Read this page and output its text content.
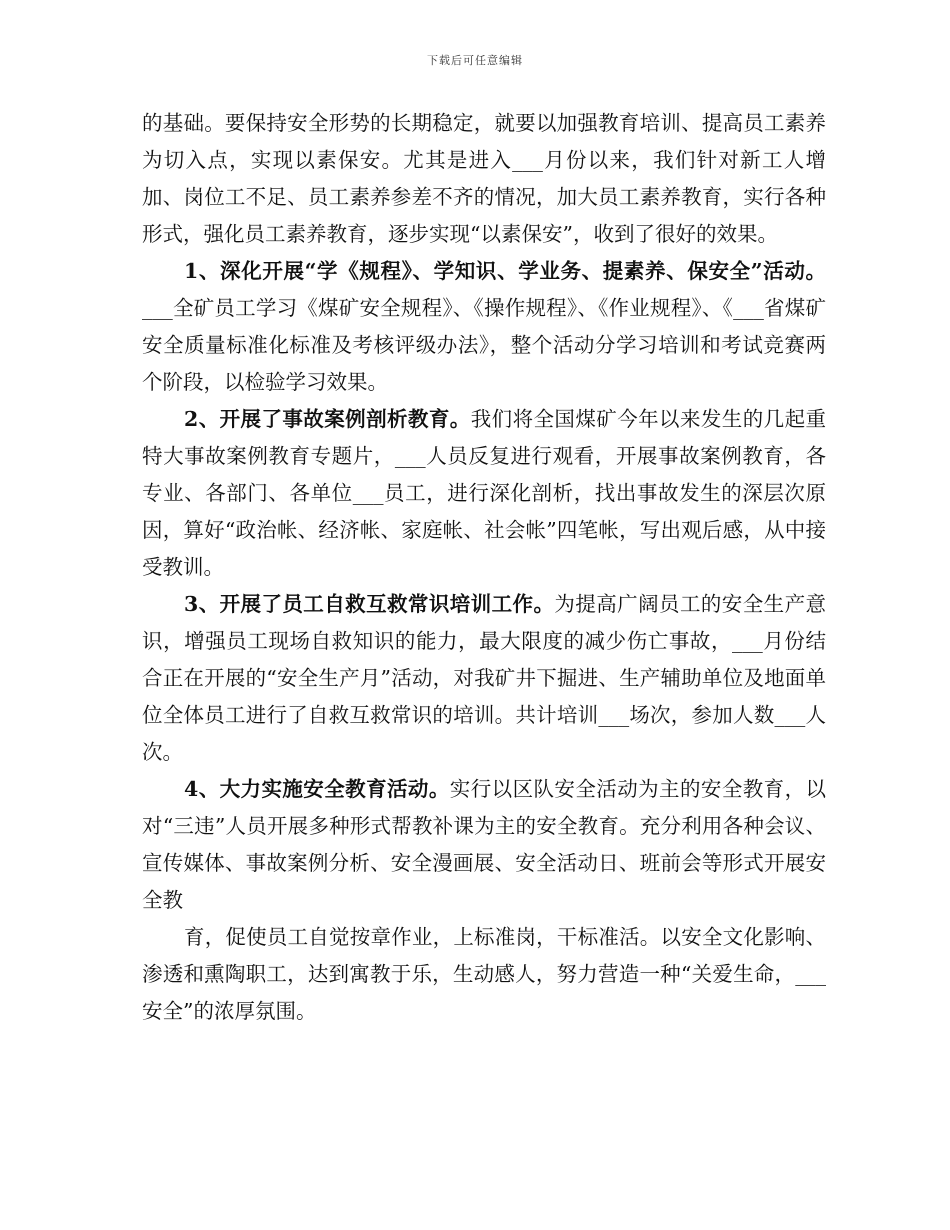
下载后可任意编辑

的基础。要保持安全形势的长期稳定，就要以加强教育培训、提高员工素养为切入点，实现以素保安。尤其是进入___月份以来，我们针对新工人增加、岗位工不足、员工素养参差不齐的情况，加大员工素养教育，实行各种形式，强化员工素养教育，逐步实现“以素保安”，收到了很好的效果。

1、深化开展“学《规程》、学知识、学业务、提素养、保安全”活动。___全矿员工学习《煤矿安全规程》、《操作规程》、《作业规程》、《___省煤矿安全质量标准化标准及考核评级办法》，整个活动分学习培训和考试竞赛两个阶段，以检验学习效果。

2、开展了事故案例剖析教育。我们将全国煤矿今年以来发生的几起重特大事故案例教育专题片，___人员反复进行观看，开展事故案例教育，各专业、各部门、各单位___员工，进行深化剖析，找出事故发生的深层次原因，算好“政治帐、经济帐、家庭帐、社会帐”四笔帐，写出观后感，从中接受教训。

3、开展了员工自救互救常识培训工作。为提高广阔员工的安全生产意识，增强员工现场自救知识的能力，最大限度的减少伤亡事故，___月份结合正在开展的“安全生产月”活动，对我矿井下掘进、生产辅助单位及地面单位全体员工进行了自救互救常识的培训。共计培训___场次，参加人数___人次。

4、大力实施安全教育活动。实行以区队安全活动为主的安全教育，以对“三违”人员开展多种形式帮教补课为主的安全教育。充分利用各种会议、宣传媒体、事故案例分析、安全漫画展、安全活动日、班前会等形式开展安全教

育，促使员工自觉按章作业，上标准岗，干标准活。以安全文化影响、渗透和熏陶职工，达到寓教于乐，生动感人，努力营造一种“关爱生命，___安全”的浓厚氛围。
